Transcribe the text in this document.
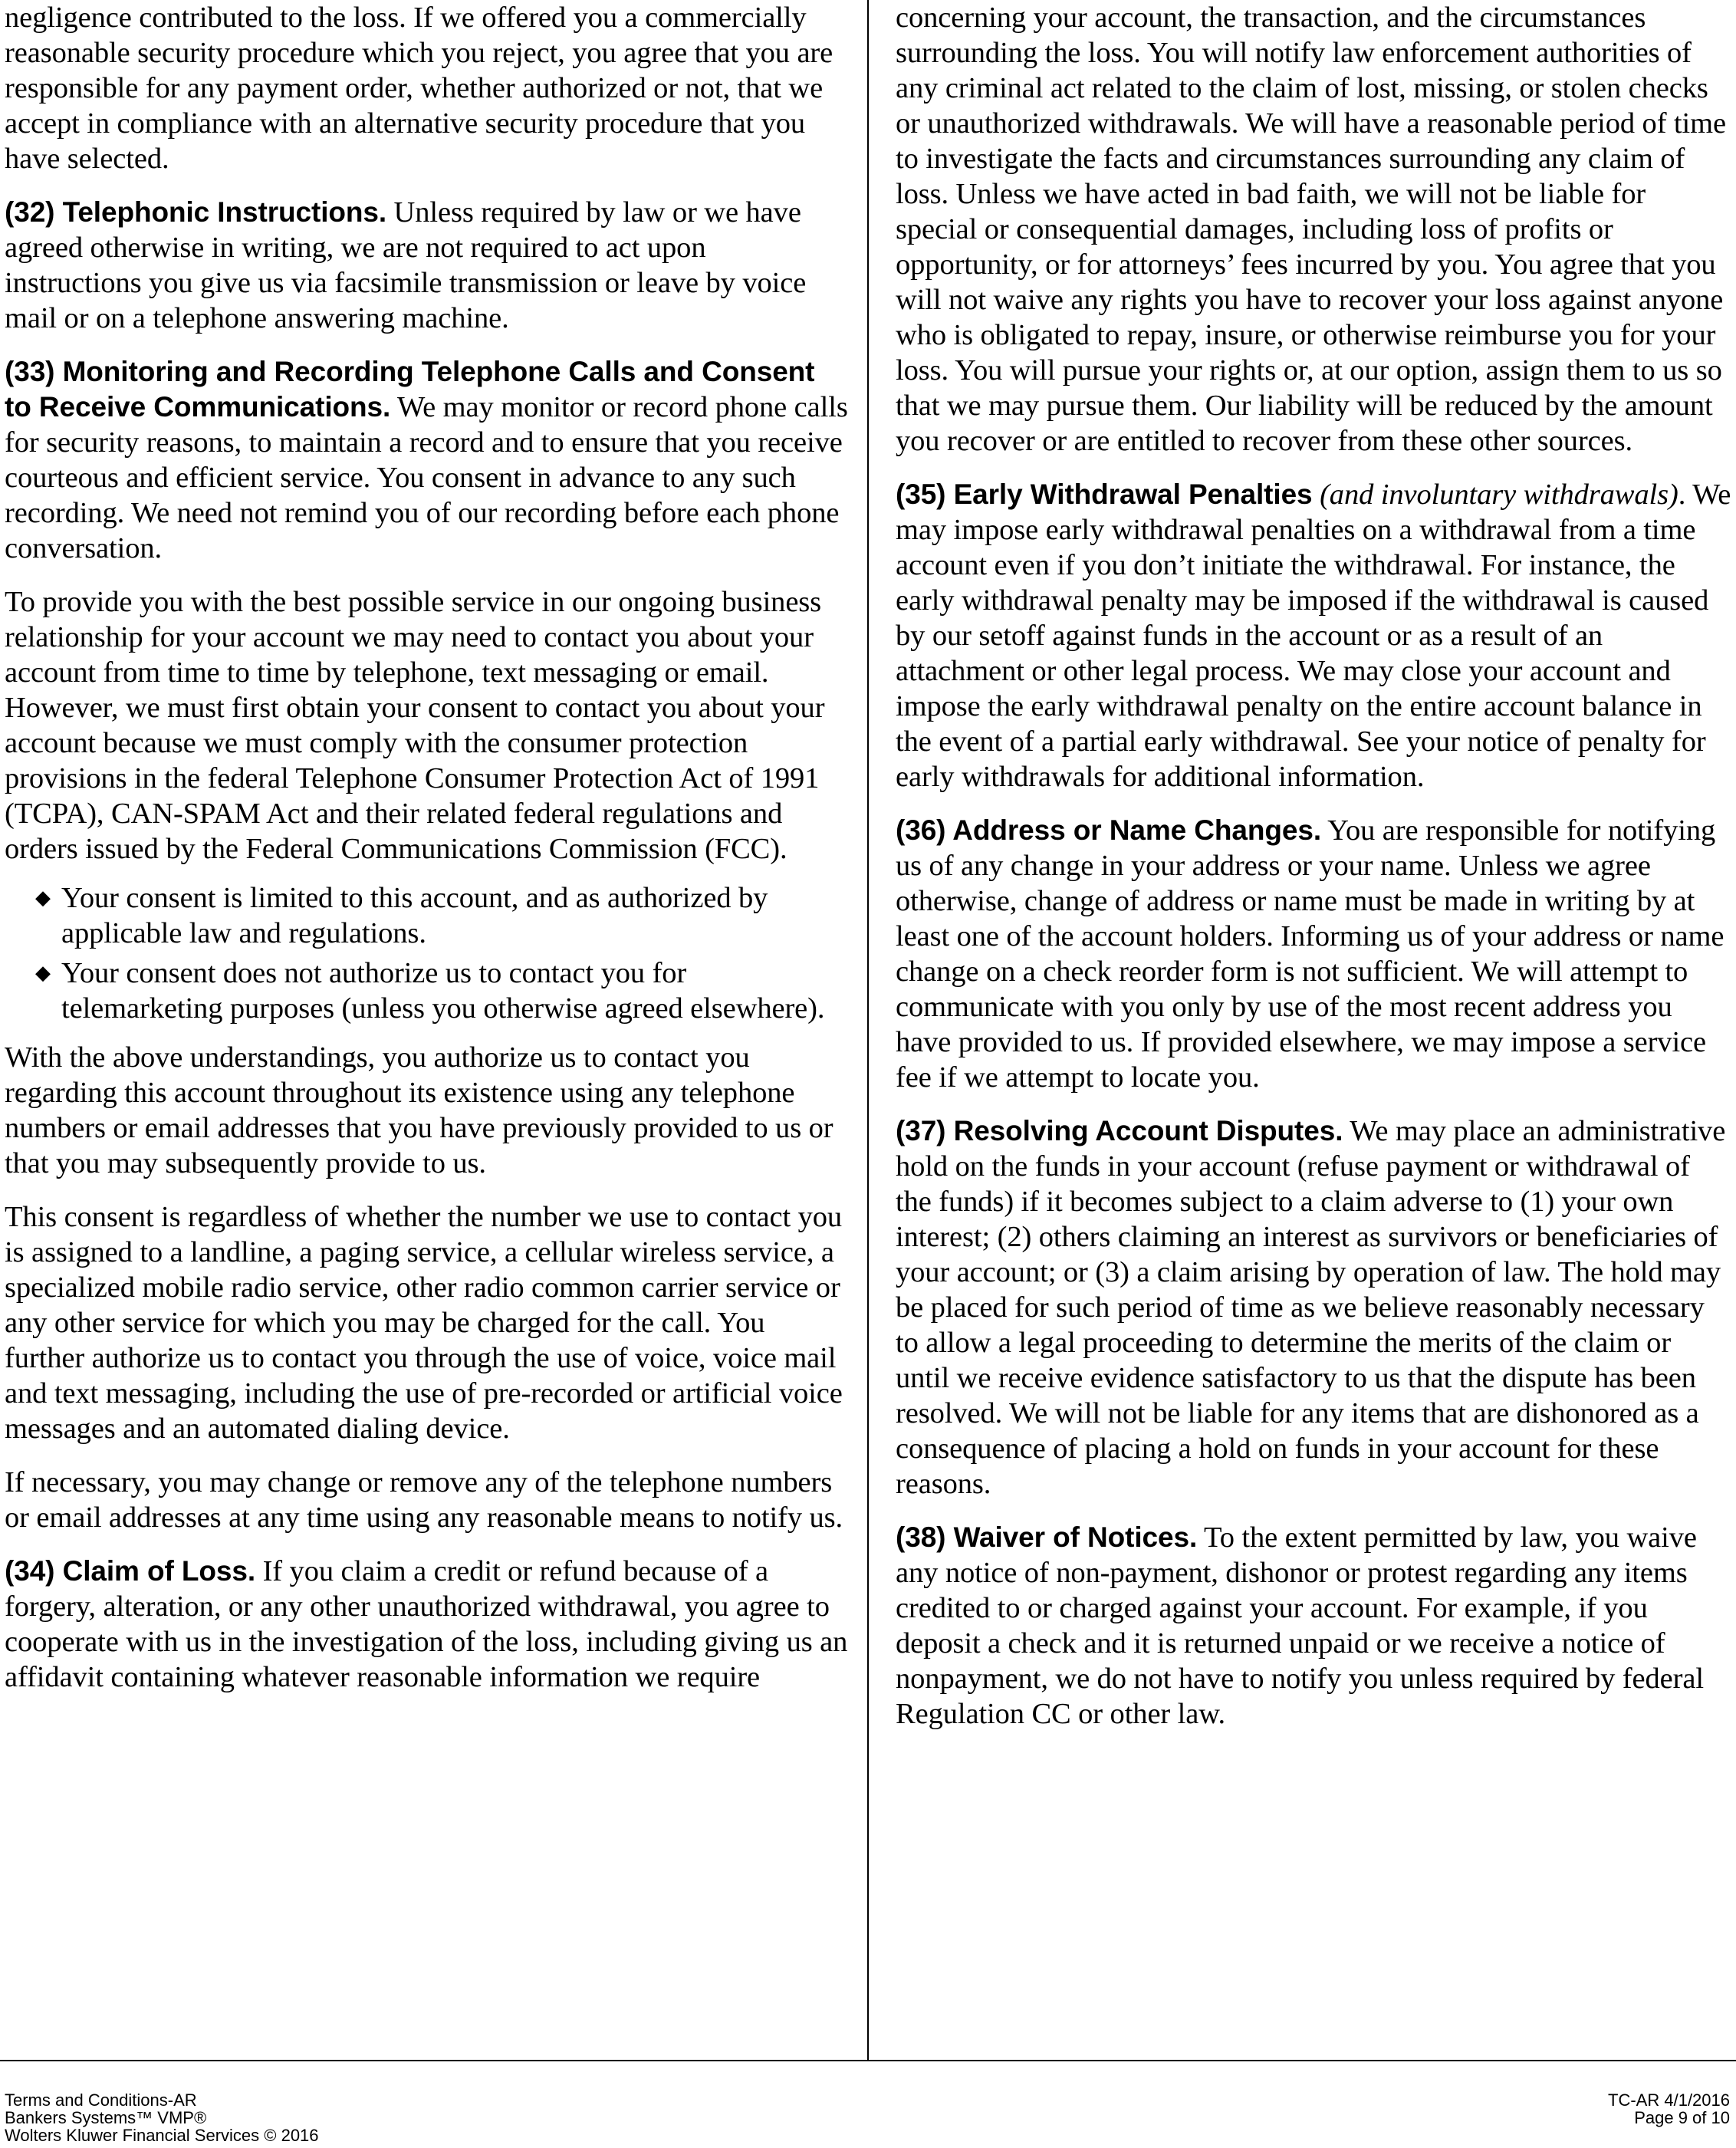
negligence contributed to the loss. If we offered you a commercially reasonable security procedure which you reject, you agree that you are responsible for any payment order, whether authorized or not, that we accept in compliance with an alternative security procedure that you have selected.

(32) Telephonic Instructions. Unless required by law or we have agreed otherwise in writing, we are not required to act upon instructions you give us via facsimile transmission or leave by voice mail or on a telephone answering machine.

(33) Monitoring and Recording Telephone Calls and Consent to Receive Communications. We may monitor or record phone calls for security reasons, to maintain a record and to ensure that you receive courteous and efficient service. You consent in advance to any such recording. We need not remind you of our recording before each phone conversation.

To provide you with the best possible service in our ongoing business relationship for your account we may need to contact you about your account from time to time by telephone, text messaging or email. However, we must first obtain your consent to contact you about your account because we must comply with the consumer protection provisions in the federal Telephone Consumer Protection Act of 1991 (TCPA), CAN-SPAM Act and their related federal regulations and orders issued by the Federal Communications Commission (FCC).

◆ Your consent is limited to this account, and as authorized by applicable law and regulations.
◆ Your consent does not authorize us to contact you for telemarketing purposes (unless you otherwise agreed elsewhere).

With the above understandings, you authorize us to contact you regarding this account throughout its existence using any telephone numbers or email addresses that you have previously provided to us or that you may subsequently provide to us.

This consent is regardless of whether the number we use to contact you is assigned to a landline, a paging service, a cellular wireless service, a specialized mobile radio service, other radio common carrier service or any other service for which you may be charged for the call. You further authorize us to contact you through the use of voice, voice mail and text messaging, including the use of pre-recorded or artificial voice messages and an automated dialing device.

If necessary, you may change or remove any of the telephone numbers or email addresses at any time using any reasonable means to notify us.

(34) Claim of Loss. If you claim a credit or refund because of a forgery, alteration, or any other unauthorized withdrawal, you agree to cooperate with us in the investigation of the loss, including giving us an affidavit containing whatever reasonable information we require

concerning your account, the transaction, and the circumstances surrounding the loss. You will notify law enforcement authorities of any criminal act related to the claim of lost, missing, or stolen checks or unauthorized withdrawals. We will have a reasonable period of time to investigate the facts and circumstances surrounding any claim of loss. Unless we have acted in bad faith, we will not be liable for special or consequential damages, including loss of profits or opportunity, or for attorneys’ fees incurred by you. You agree that you will not waive any rights you have to recover your loss against anyone who is obligated to repay, insure, or otherwise reimburse you for your loss. You will pursue your rights or, at our option, assign them to us so that we may pursue them. Our liability will be reduced by the amount you recover or are entitled to recover from these other sources.

(35) Early Withdrawal Penalties (and involuntary withdrawals). We may impose early withdrawal penalties on a withdrawal from a time account even if you don’t initiate the withdrawal. For instance, the early withdrawal penalty may be imposed if the withdrawal is caused by our setoff against funds in the account or as a result of an attachment or other legal process. We may close your account and impose the early withdrawal penalty on the entire account balance in the event of a partial early withdrawal. See your notice of penalty for early withdrawals for additional information.

(36) Address or Name Changes. You are responsible for notifying us of any change in your address or your name. Unless we agree otherwise, change of address or name must be made in writing by at least one of the account holders. Informing us of your address or name change on a check reorder form is not sufficient. We will attempt to communicate with you only by use of the most recent address you have provided to us. If provided elsewhere, we may impose a service fee if we attempt to locate you.

(37) Resolving Account Disputes. We may place an administrative hold on the funds in your account (refuse payment or withdrawal of the funds) if it becomes subject to a claim adverse to (1) your own interest; (2) others claiming an interest as survivors or beneficiaries of your account; or (3) a claim arising by operation of law. The hold may be placed for such period of time as we believe reasonably necessary to allow a legal proceeding to determine the merits of the claim or until we receive evidence satisfactory to us that the dispute has been resolved. We will not be liable for any items that are dishonored as a consequence of placing a hold on funds in your account for these reasons.

(38) Waiver of Notices. To the extent permitted by law, you waive any notice of non-payment, dishonor or protest regarding any items credited to or charged against your account. For example, if you deposit a check and it is returned unpaid or we receive a notice of nonpayment, we do not have to notify you unless required by federal Regulation CC or other law.

Terms and Conditions-AR
Bankers Systems™ VMP®
Wolters Kluwer Financial Services © 2016
TC-AR 4/1/2016
Page 9 of 10
